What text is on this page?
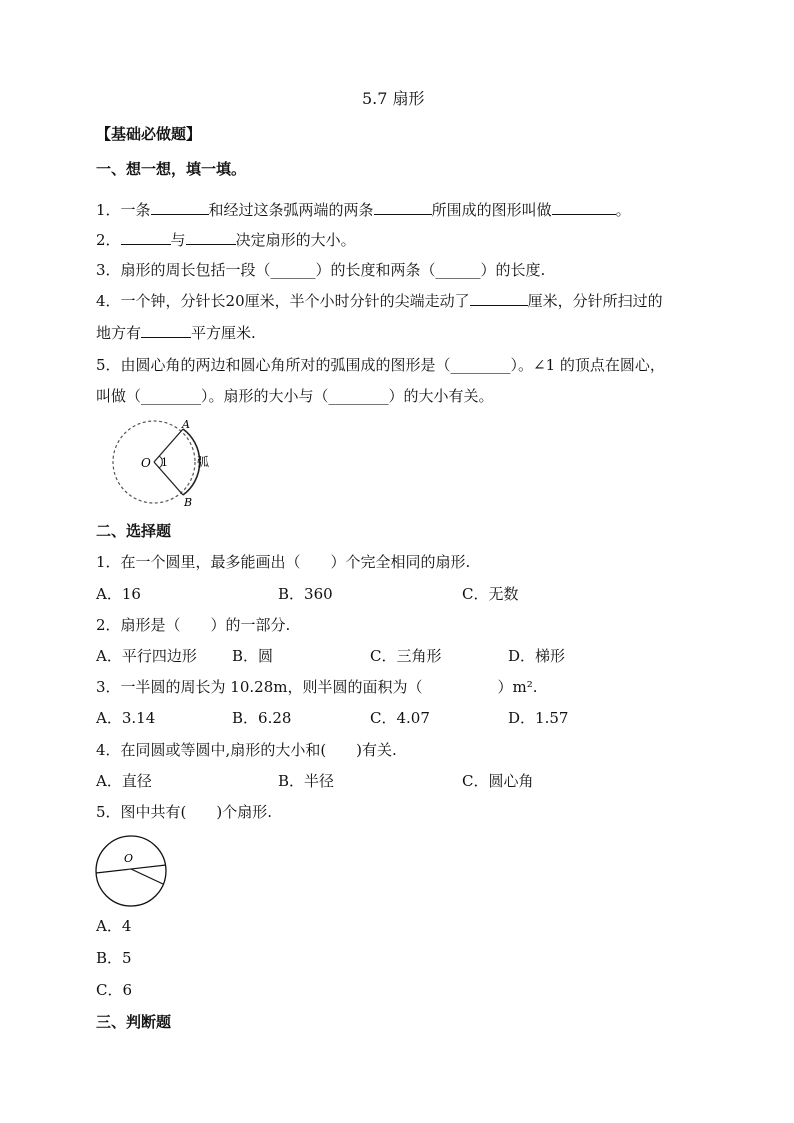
5.7 扇形
【基础必做题】
一、想一想，填一填。
1．一条	和经过这条弧两端的两条	所围成的图形叫做	。
2．	与	决定扇形的大小。
3．扇形的周长包括一段（______）的长度和两条（______）的长度.
4．一个钟，分针长20厘米，半个小时分针的尖端走动了	厘米，分针所扫过的
地方有	平方厘米.
5．由圆心角的两边和圆心角所对的弧围成的图形是（________）。∠1 的顶点在圆心，
叫做（________）。扇形的大小与（________）的大小有关。
O 1
A
B
弧
二、选择题
1．在一个圆里，最多能画出（　　）个完全相同的扇形.
A．16	B．360	C．无数
2．扇形是（　　）的一部分.
A．平行四边形 B．圆	C．三角形	D．梯形
3．一半圆的周长为 10.28m，则半圆的面积为（　　　　　）m².
A．3.14	B．6.28	C．4.07	D．1.57
4．在同圆或等圆中,扇形的大小和(　　)有关.
A．直径	B．半径	C．圆心角
5．图中共有(　　)个扇形.
O
A．4
B．5
C．6
三、判断题
